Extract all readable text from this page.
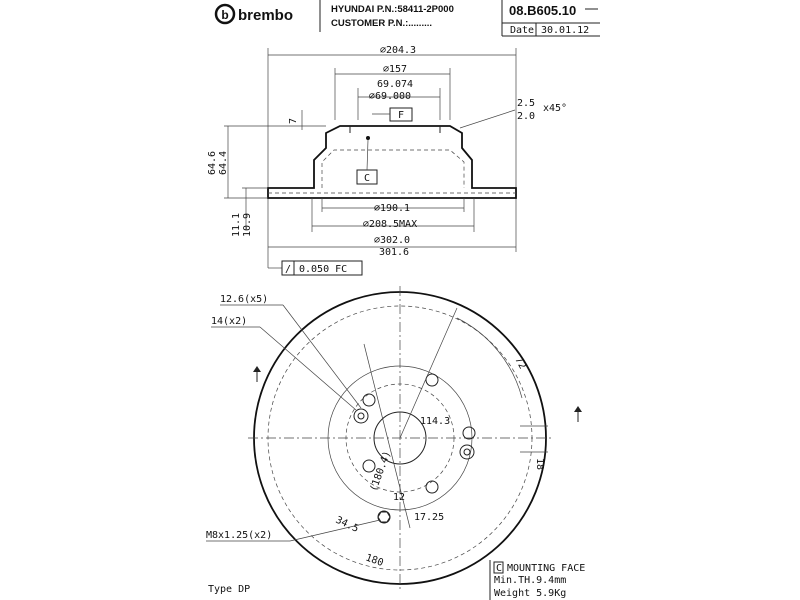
b brembo	HYUNDAI P.N.:58411-2P000
CUSTOMER P.N.:.........
08.B605.10
Date 30.01.12
∅204.3
∅157
69.074
∅69.000
2.5
2.0
x45°
7	F
C
64.6 64.4
11.1 10.9
∅190.1
∅208.5MAX
∅302.0
301.6
/ 0.050 FC
12.6(x5)
14(x2)
72
114.3
(180.4)
12
17.25
34.5
180
18
M8x1.25(x2)
C MOUNTING FACE
Min.TH.9.4mm
Weight 5.9Kg
Type DP
